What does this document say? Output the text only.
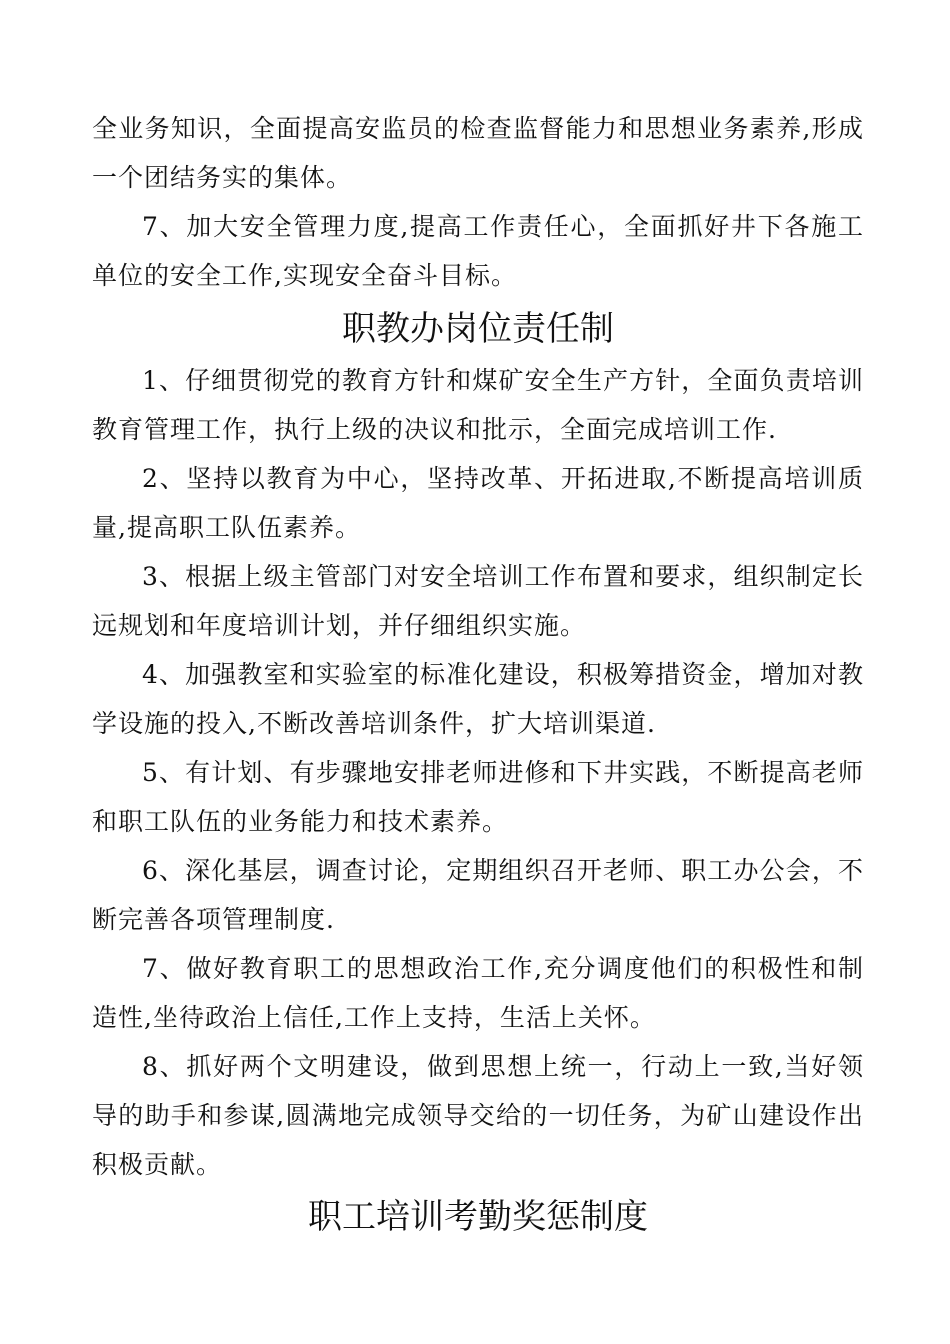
全业务知识，全面提高安监员的检查监督能力和思想业务素养,形成一个团结务实的集体。

7、加大安全管理力度,提高工作责任心，全面抓好井下各施工单位的安全工作,实现安全奋斗目标。

职教办岗位责任制

1、仔细贯彻党的教育方针和煤矿安全生产方针，全面负责培训教育管理工作，执行上级的决议和批示，全面完成培训工作.

2、坚持以教育为中心，坚持改革、开拓进取,不断提高培训质量,提高职工队伍素养。

3、根据上级主管部门对安全培训工作布置和要求，组织制定长远规划和年度培训计划，并仔细组织实施。

4、加强教室和实验室的标准化建设，积极筹措资金，增加对教学设施的投入,不断改善培训条件，扩大培训渠道.

5、有计划、有步骤地安排老师进修和下井实践，不断提高老师和职工队伍的业务能力和技术素养。

6、深化基层，调查讨论，定期组织召开老师、职工办公会，不断完善各项管理制度.

7、做好教育职工的思想政治工作,充分调度他们的积极性和制造性,坐待政治上信任,工作上支持，生活上关怀。

8、抓好两个文明建设，做到思想上统一，行动上一致,当好领导的助手和参谋,圆满地完成领导交给的一切任务，为矿山建设作出积极贡献。

职工培训考勤奖惩制度
